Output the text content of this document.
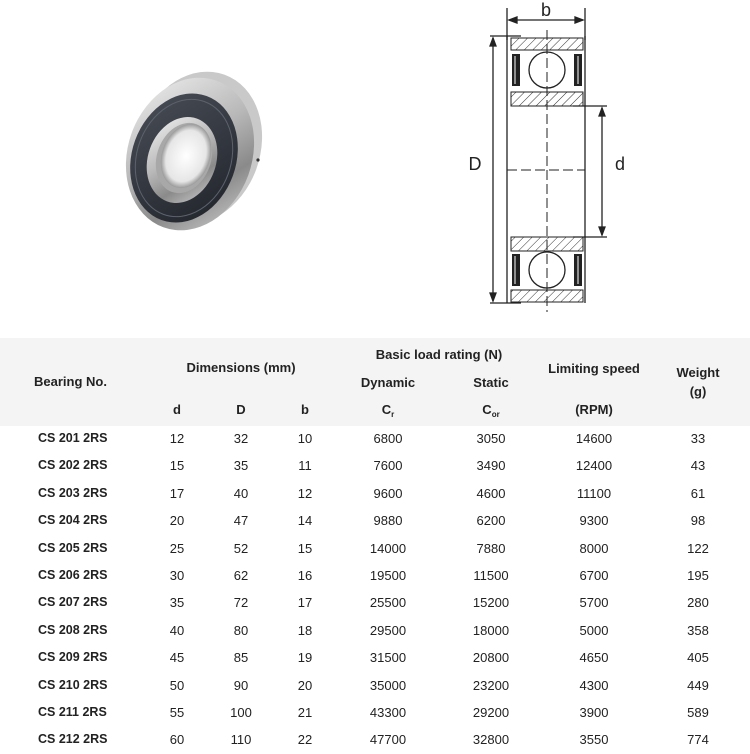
b
D	d
Bearing No.
Dimensions (mm)
d	D	b
Basic load rating (N)
Dynamic	Static
$C_r$	$C_{or}$
Limiting speed
(RPM)
Weight
(g)
CS 201 2RS	12	32	10	6800	3050	14600	33
CS 202 2RS	15	35	11	7600	3490	12400	43
CS 203 2RS	17	40	12	9600	4600	11100	61
CS 204 2RS	20	47	14	9880	6200	9300	98
CS 205 2RS	25	52	15	14000	7880	8000	122
CS 206 2RS	30	62	16	19500	11500	6700	195
CS 207 2RS	35	72	17	25500	15200	5700	280
CS 208 2RS	40	80	18	29500	18000	5000	358
CS 209 2RS	45	85	19	31500	20800	4650	405
CS 210 2RS	50	90	20	35000	23200	4300	449
CS 211 2RS	55	100	21	43300	29200	3900	589
CS 212 2RS	60	110	22	47700	32800	3550	774
